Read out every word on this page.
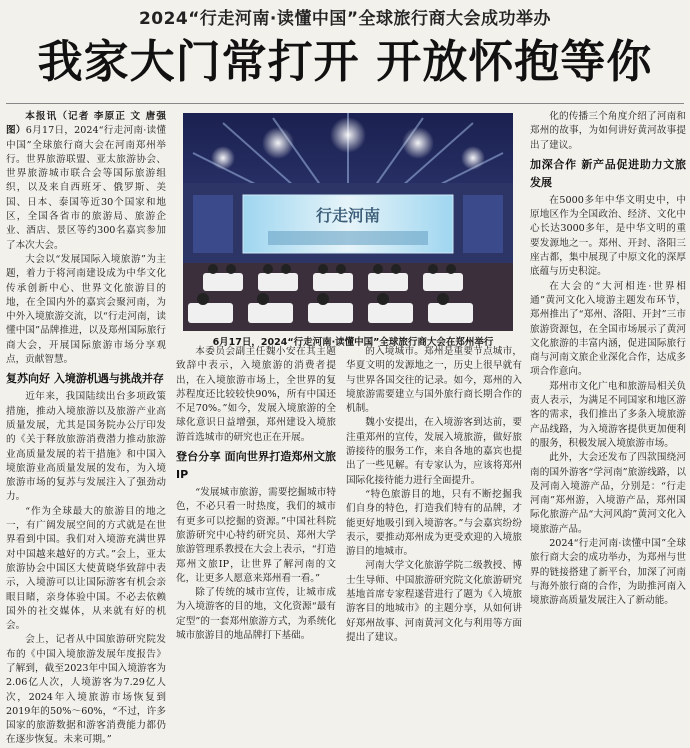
2024“行走河南·读懂中国”全球旅行商大会成功举办
我家大门常打开 开放怀抱等你

本报讯（记者 李原正 文 唐强 图）6月17日，2024“行走河南·读懂中国”全球旅行商大会在河南郑州举行。世界旅游联盟、亚太旅游协会、世界旅游城市联合会等国际旅游组织，以及来自西班牙、俄罗斯、美国、日本、泰国等近30个国家和地区，全国各省市的旅游局、旅游企业、酒店、景区等约300名嘉宾参加了本次大会。

大会以“发展国际入境旅游”为主题，着力于将河南建设成为中华文化传承创新中心、世界文化旅游目的地，在全国内外的嘉宾会聚河南，为中外入境旅游交流，以“行走河南，读懂中国”品牌推进，以及郑州国际旅行商大会，开展国际旅游市场分享观点，贡献智慧。

复苏向好 入境游机遇与挑战并存

近年来，我国陆续出台多项政策措施，推动入境旅游以及旅游产业高质量发展，尤其是国务院办公厅印发的《关于释放旅游消费潜力推动旅游业高质量发展的若干措施》和中国入境旅游业高质量发展的发布，为入境旅游市场的复苏与发展注入了强劲动力。

“作为全球最大的旅游目的地之一，有广阔发展空间的方式就是在世界看到中国。我们对入境游充满世界对中国越来越好的方式。”会上，亚太旅游协会中国区大使黄晓华致辞中表示，入境游可以让国际游客有机会亲眼目睹，亲身体验中国。不必去依赖国外的社交媒体，从来就有好的机会。

会上，记者从中国旅游研究院发布的《中国入境旅游发展年度报告》了解到，截至2023年中国入境游客为2.06亿人次，人境游客为7.29亿人次，2024年入境旅游市场恢复到2019年的50%～60%，“不过，许多国家的旅游数据和游客消费能力都仍在逐步恢复。未来可期。”

行走河南
6月17日，2024“行走河南·读懂中国”全球旅行商大会在郑州举行

本委员会副主任魏小安在其主题致辞中表示，入境旅游的消费者提出，在入境旅游市场上，全世界的复苏程度还比较较快90%，所有中国还不足70%。”如今，发展入境旅游的全球化意识日益增强，郑州建设入境旅游首选城市的研究也正在开展。

登台分享 面向世界打造郑州文旅IP

“发展城市旅游，需要挖掘城市特色，不必只看一时热度，我们的城市有更多可以挖掘的资源。”中国社科院旅游研究中心特约研究员、郑州大学旅游管理系教授在大会上表示，“打造郑州文旅IP，让世界了解河南的文化，让更多人愿意来郑州看一看。”

除了传统的城市宣传，让城市成为入境游客的目的地，文化资源“最有定型”的一套郑州旅游方式，为系统化城市旅游目的地品牌打下基础。

的入境城市。郑州是重要节点城市，华夏文明的发源地之一，历史上很早就有与世界各国交往的记录。如今，郑州的入境旅游需要建立与国外旅行商长期合作的机制。

魏小安提出，在入境游客到达前，要注重郑州的宣传，发展入境旅游，做好旅游接待的服务工作，来自各地的嘉宾也提出了一些见解。有专家认为，应该将郑州国际化接待能力进行全面提升。

“特色旅游目的地，只有不断挖掘我们自身的特色，打造我们特有的品牌，才能更好地吸引到入境游客。”与会嘉宾纷纷表示，要推动郑州成为更受欢迎的入境旅游目的地城市。

河南大学文化旅游学院二级教授、博士生导师、中国旅游研究院文化旅游研究基地首席专家程遂营进行了题为《入境旅游客目的地城市》的主题分享，从如何讲好郑州故事、河南黄河文化与利用等方面提出了建议。

化的传播三个角度介绍了河南和郑州的故事，为如何讲好黄河故事提出了建议。

加深合作 新产品促进助力文旅发展

在5000多年中华文明史中，中原地区作为全国政治、经济、文化中心长达3000多年，是中华文明的重要发源地之一。郑州、开封、洛阳三座古都，集中展现了中原文化的深厚底蕴与历史积淀。

在大会的“大河相连·世界相通”黄河文化入境游主题发布环节，郑州推出了“郑州、洛阳、开封”三市旅游资源包，在全国市场展示了黄河文化旅游的丰富内涵，促进国际旅行商与河南文旅企业深化合作，达成多项合作意向。

郑州市文化广电和旅游局相关负责人表示，为满足不同国家和地区游客的需求，我们推出了多条入境旅游产品线路，为入境游客提供更加便利的服务，积极发展入境旅游市场。

此外，大会还发布了四款围绕河南的国外游客“学河南”旅游线路，以及河南入境游产品，分别是：“行走河南”郑州游，入境游产品，郑州国际化旅游产品“大河风韵”黄河文化入境旅游产品。

2024“行走河南·读懂中国”全球旅行商大会的成功举办，为郑州与世界的链接搭建了新平台，加深了河南与海外旅行商的合作，为助推河南入境旅游高质量发展注入了新动能。
